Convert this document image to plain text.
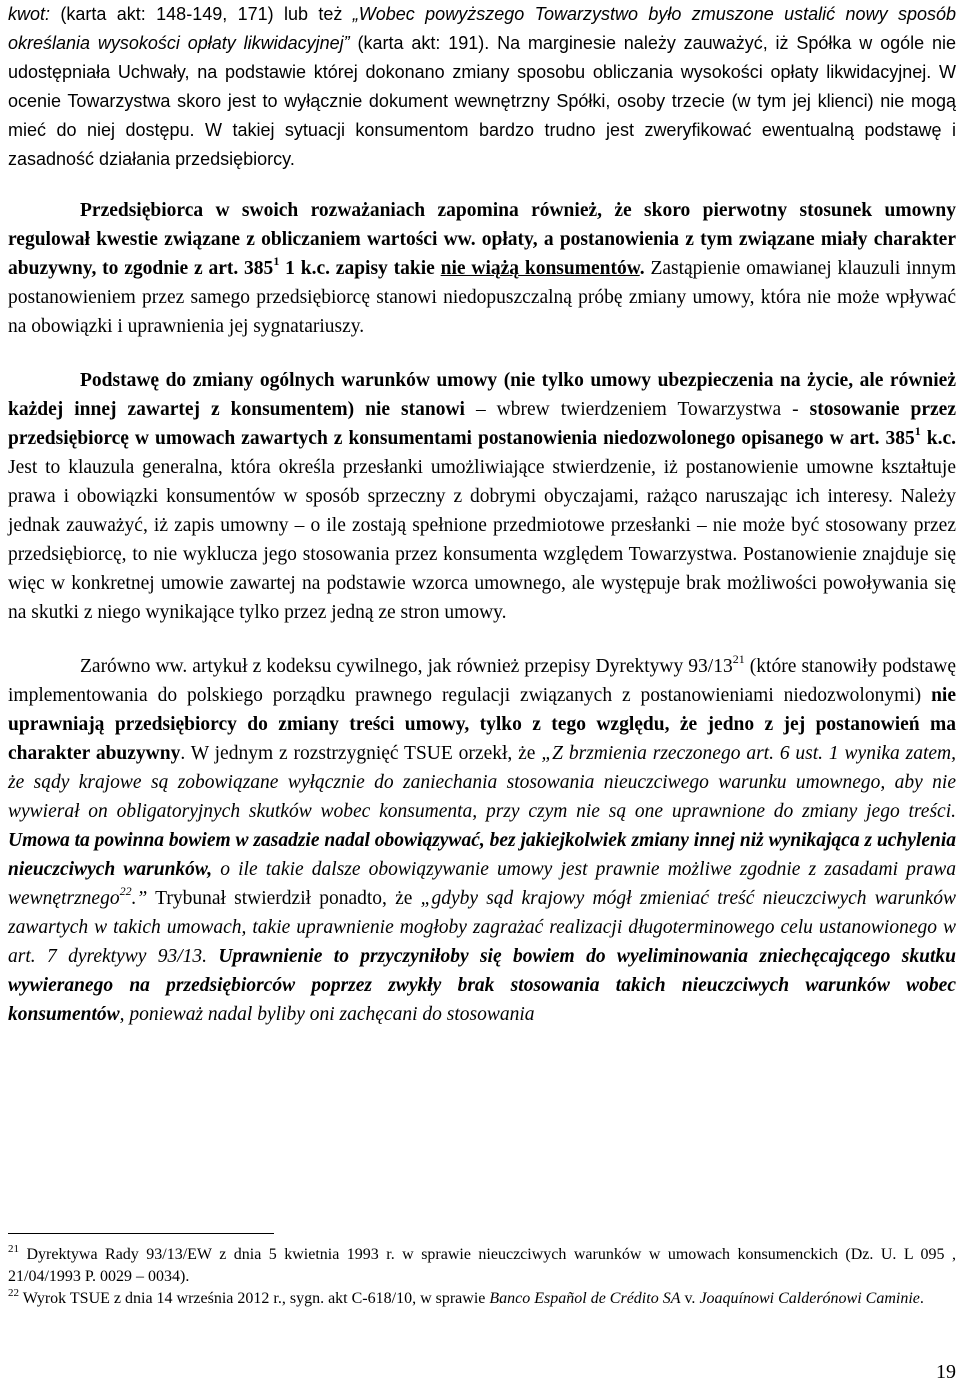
kwot: (karta akt: 148-149, 171) lub też „Wobec powyższego Towarzystwo było zmuszone ustalić nowy sposób określania wysokości opłaty likwidacyjnej” (karta akt: 191). Na marginesie należy zauważyć, iż Spółka w ogóle nie udostępniała Uchwały, na podstawie której dokonano zmiany sposobu obliczania wysokości opłaty likwidacyjnej. W ocenie Towarzystwa skoro jest to wyłącznie dokument wewnętrzny Spółki, osoby trzecie (w tym jej klienci) nie mogą mieć do niej dostępu. W takiej sytuacji konsumentom bardzo trudno jest zweryfikować ewentualną podstawę i zasadność działania przedsiębiorcy.

Przedsiębiorca w swoich rozważaniach zapomina również, że skoro pierwotny stosunek umowny regulował kwestie związane z obliczaniem wartości ww. opłaty, a postanowienia z tym związane miały charakter abuzywny, to zgodnie z art. $385^1$ 1 k.c. zapisy takie nie wiążą konsumentów. Zastąpienie omawianej klauzuli innym postanowieniem przez samego przedsiębiorcę stanowi niedopuszczalną próbę zmiany umowy, która nie może wpływać na obowiązki i uprawnienia jej sygnatariuszy.

Podstawę do zmiany ogólnych warunków umowy (nie tylko umowy ubezpieczenia na życie, ale również każdej innej zawartej z konsumentem) nie stanowi – wbrew twierdzeniem Towarzystwa - stosowanie przez przedsiębiorcę w umowach zawartych z konsumentami postanowienia niedozwolonego opisanego w art. $385^1$ k.c. Jest to klauzula generalna, która określa przesłanki umożliwiające stwierdzenie, iż postanowienie umowne kształtuje prawa i obowiązki konsumentów w sposób sprzeczny z dobrymi obyczajami, rażąco naruszając ich interesy. Należy jednak zauważyć, iż zapis umowny – o ile zostają spełnione przedmiotowe przesłanki – nie może być stosowany przez przedsiębiorcę, to nie wyklucza jego stosowania przez konsumenta względem Towarzystwa. Postanowienie znajduje się więc w konkretnej umowie zawartej na podstawie wzorca umownego, ale występuje brak możliwości powoływania się na skutki z niego wynikające tylko przez jedną ze stron umowy.

Zarówno ww. artykuł z kodeksu cywilnego, jak również przepisy Dyrektywy $93/13^{21}$ (które stanowiły podstawę implementowania do polskiego porządku prawnego regulacji związanych z postanowieniami niedozwolonymi) nie uprawniają przedsiębiorcy do zmiany treści umowy, tylko z tego względu, że jedno z jej postanowień ma charakter abuzywny. W jednym z rozstrzygnięć TSUE orzekł, że „Z brzmienia rzeczonego art. 6 ust. 1 wynika zatem, że sądy krajowe są zobowiązane wyłącznie do zaniechania stosowania nieuczciwego warunku umownego, aby nie wywierał on obligatoryjnych skutków wobec konsumenta, przy czym nie są one uprawnione do zmiany jego treści. Umowa ta powinna bowiem w zasadzie nadal obowiązywać, bez jakiejkolwiek zmiany innej niż wynikająca z uchylenia nieuczciwych warunków, o ile takie dalsze obowiązywanie umowy jest prawnie możliwe zgodnie z zasadami prawa wewnętrznego$^{22}$.” Trybunał stwierdził ponadto, że „gdyby sąd krajowy mógł zmieniać treść nieuczciwych warunków zawartych w takich umowach, takie uprawnienie mogłoby zagrażać realizacji długoterminowego celu ustanowionego w art. 7 dyrektywy 93/13. Uprawnienie to przyczyniłoby się bowiem do wyeliminowania zniechęcającego skutku wywieranego na przedsiębiorców poprzez zwykły brak stosowania takich nieuczciwych warunków wobec konsumentów, ponieważ nadal byliby oni zachęcani do stosowania

$^{21}$ Dyrektywa Rady 93/13/EW z dnia 5 kwietnia 1993 r. w sprawie nieuczciwych warunków w umowach konsumenckich (Dz. U. L 095 , 21/04/1993 P. 0029 – 0034).

$^{22}$ Wyrok TSUE z dnia 14 września 2012 r., sygn. akt C-618/10, w sprawie Banco Español de Crédito SA v. Joaquínowi Calderónowi Caminie.

19
